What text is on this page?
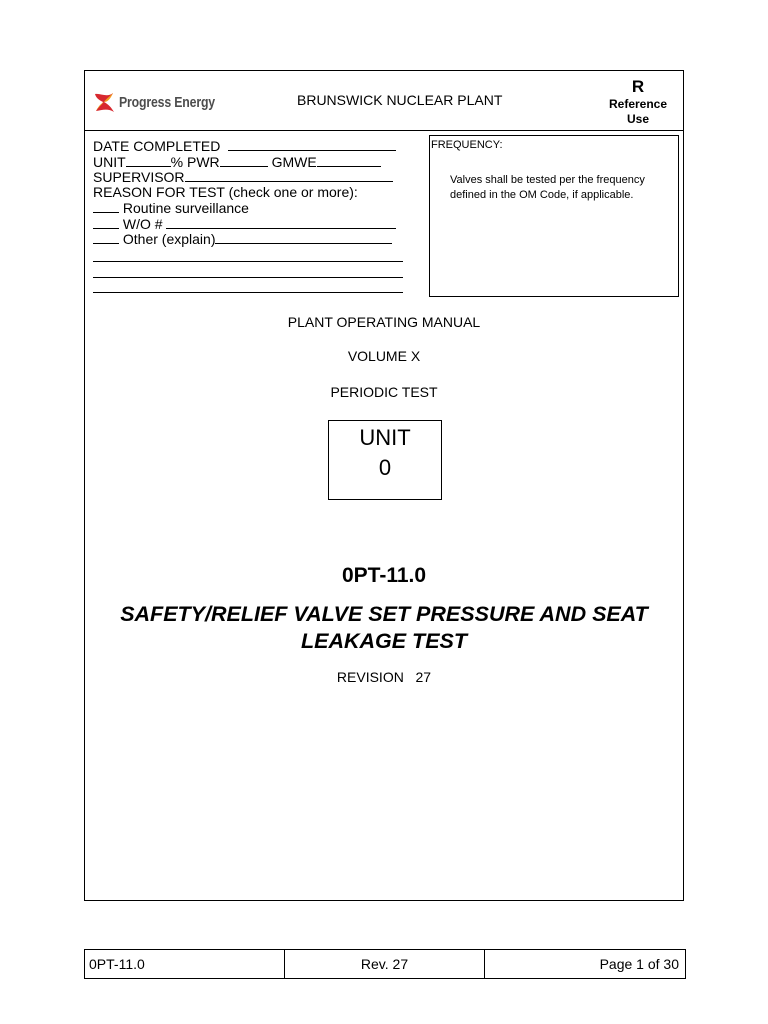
Progress Energy	BRUNSWICK NUCLEAR PLANT
R
Reference
Use
DATE COMPLETED
UNIT	% PWR	GMWE
SUPERVISOR
REASON FOR TEST (check one or more):
Routine surveillance
W/O #
Other (explain)
FREQUENCY:
Valves shall be tested per the frequency defined in the OM Code, if applicable.
PLANT OPERATING MANUAL
VOLUME X
PERIODIC TEST
UNIT
0
0PT-11.0
SAFETY/RELIEF VALVE SET PRESSURE AND SEAT
LEAKAGE TEST
REVISION   27
0PT-11.0	Rev. 27	Page 1 of 30
